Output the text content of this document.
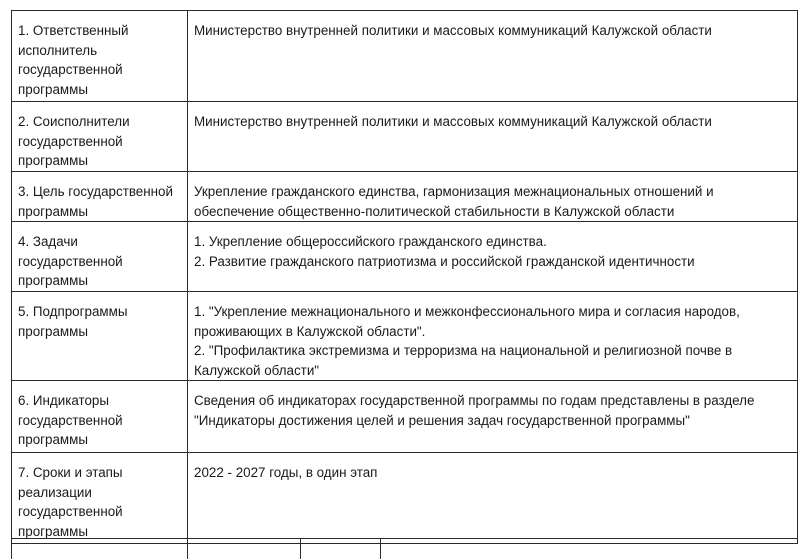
1. Ответственный
исполнитель
государственной
программы	Министерство внутренней политики и массовых коммуникаций Калужской области

2. Соисполнители
государственной
программы	Министерство внутренней политики и массовых коммуникаций Калужской области

3. Цель государственной
программы	Укрепление гражданского единства, гармонизация межнациональных отношений и
обеспечение общественно-политической стабильности в Калужской области

4. Задачи
государственной
программы	1. Укрепление общероссийского гражданского единства.
2. Развитие гражданского патриотизма и российской гражданской идентичности

5. Подпрограммы
программы	1. "Укрепление межнационального и межконфессионального мира и согласия народов,
проживающих в Калужской области".
2. "Профилактика экстремизма и терроризма на национальной и религиозной почве в
Калужской области"

6. Индикаторы
государственной
программы	Сведения об индикаторах государственной программы по годам представлены в разделе
"Индикаторы достижения целей и решения задач государственной программы"

7. Сроки и этапы
реализации
государственной
программы	2022 - 2027 годы, в один этап
